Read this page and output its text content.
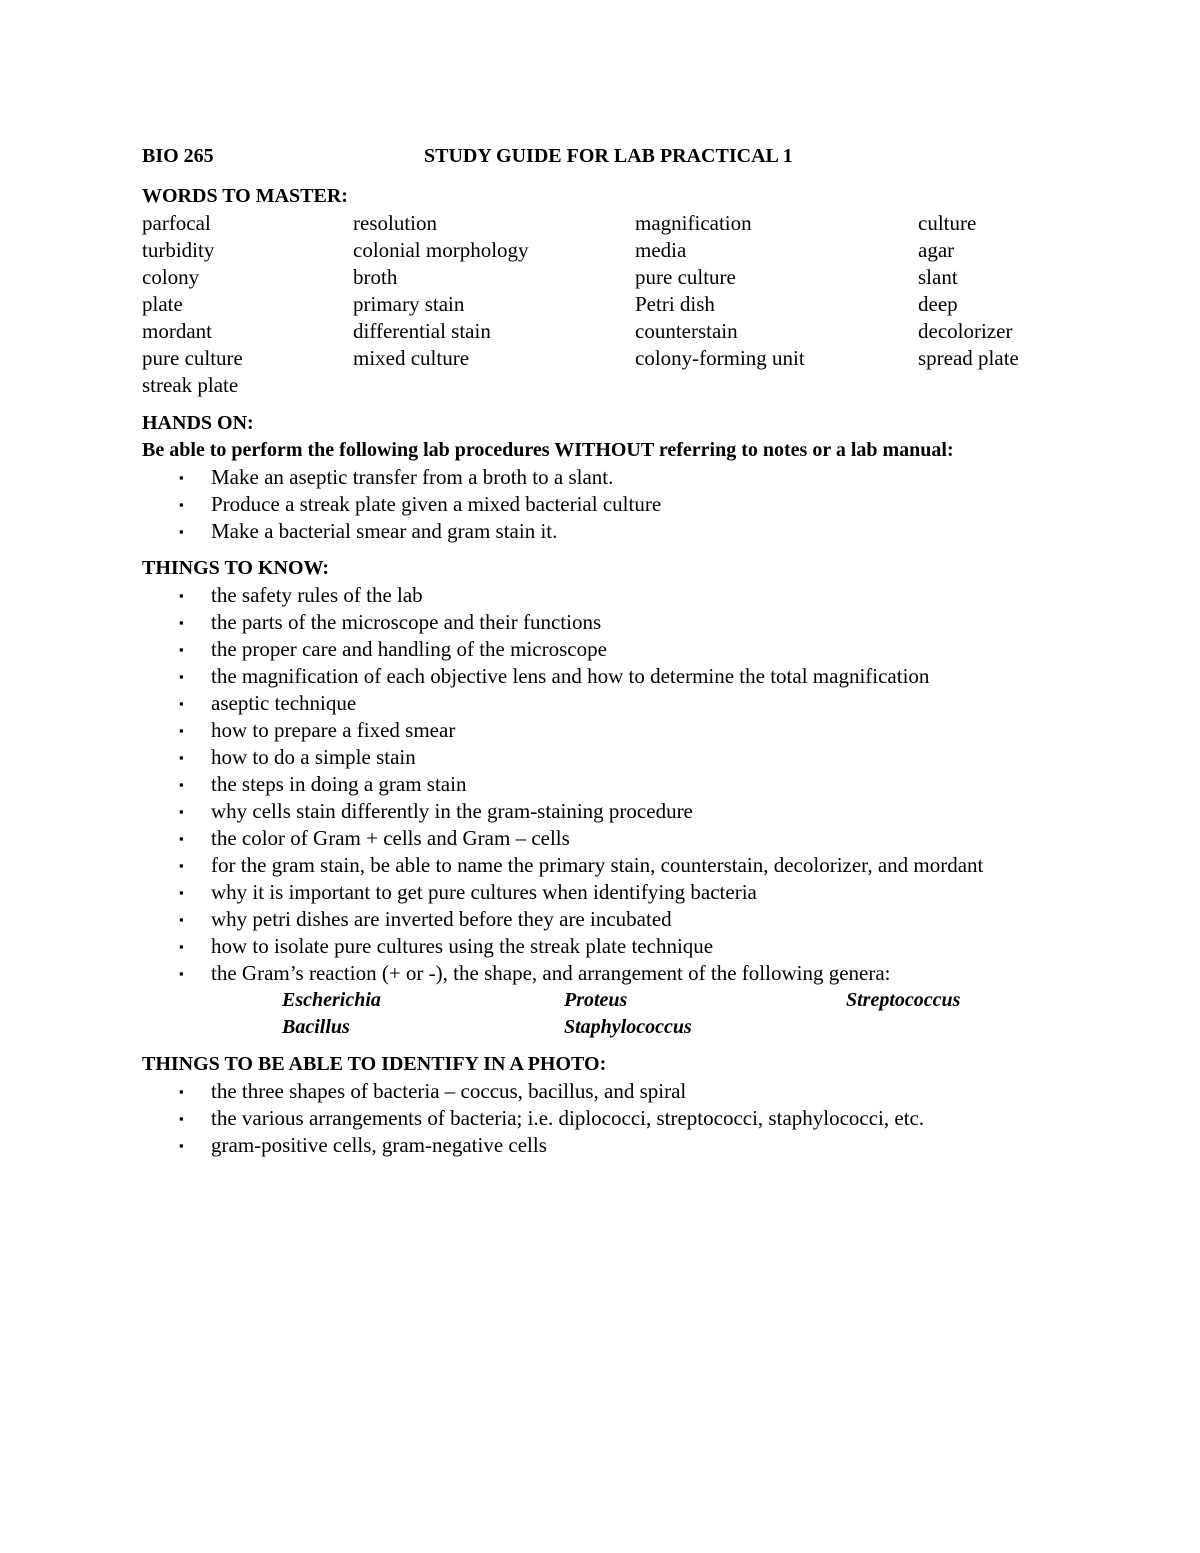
BIO 265	STUDY GUIDE FOR LAB PRACTICAL 1
WORDS TO MASTER:
parfocal	resolution	magnification	culture
turbidity	colonial morphology	media	agar
colony	broth	pure culture	slant
plate	primary stain	Petri dish	deep
mordant	differential stain	counterstain	decolorizer
pure culture	mixed culture	colony-forming unit	spread plate
streak plate
HANDS ON:
Be able to perform the following lab procedures WITHOUT referring to notes or a lab manual:
▪ Make an aseptic transfer from a broth to a slant.
▪ Produce a streak plate given a mixed bacterial culture
▪ Make a bacterial smear and gram stain it.
THINGS TO KNOW:
▪ the safety rules of the lab
▪ the parts of the microscope and their functions
▪ the proper care and handling of the microscope
▪ the magnification of each objective lens and how to determine the total magnification
▪ aseptic technique
▪ how to prepare a fixed smear
▪ how to do a simple stain
▪ the steps in doing a gram stain
▪ why cells stain differently in the gram-staining procedure
▪ the color of Gram + cells and Gram – cells
▪ for the gram stain, be able to name the primary stain, counterstain, decolorizer, and mordant
▪ why it is important to get pure cultures when identifying bacteria
▪ why petri dishes are inverted before they are incubated
▪ how to isolate pure cultures using the streak plate technique
▪ the Gram’s reaction (+ or -), the shape, and arrangement of the following genera:
Escherichia	Proteus	Streptococcus
Bacillus	Staphylococcus
THINGS TO BE ABLE TO IDENTIFY IN A PHOTO:
▪ the three shapes of bacteria – coccus, bacillus, and spiral
▪ the various arrangements of bacteria; i.e. diplococci, streptococci, staphylococci, etc.
▪ gram-positive cells, gram-negative cells
